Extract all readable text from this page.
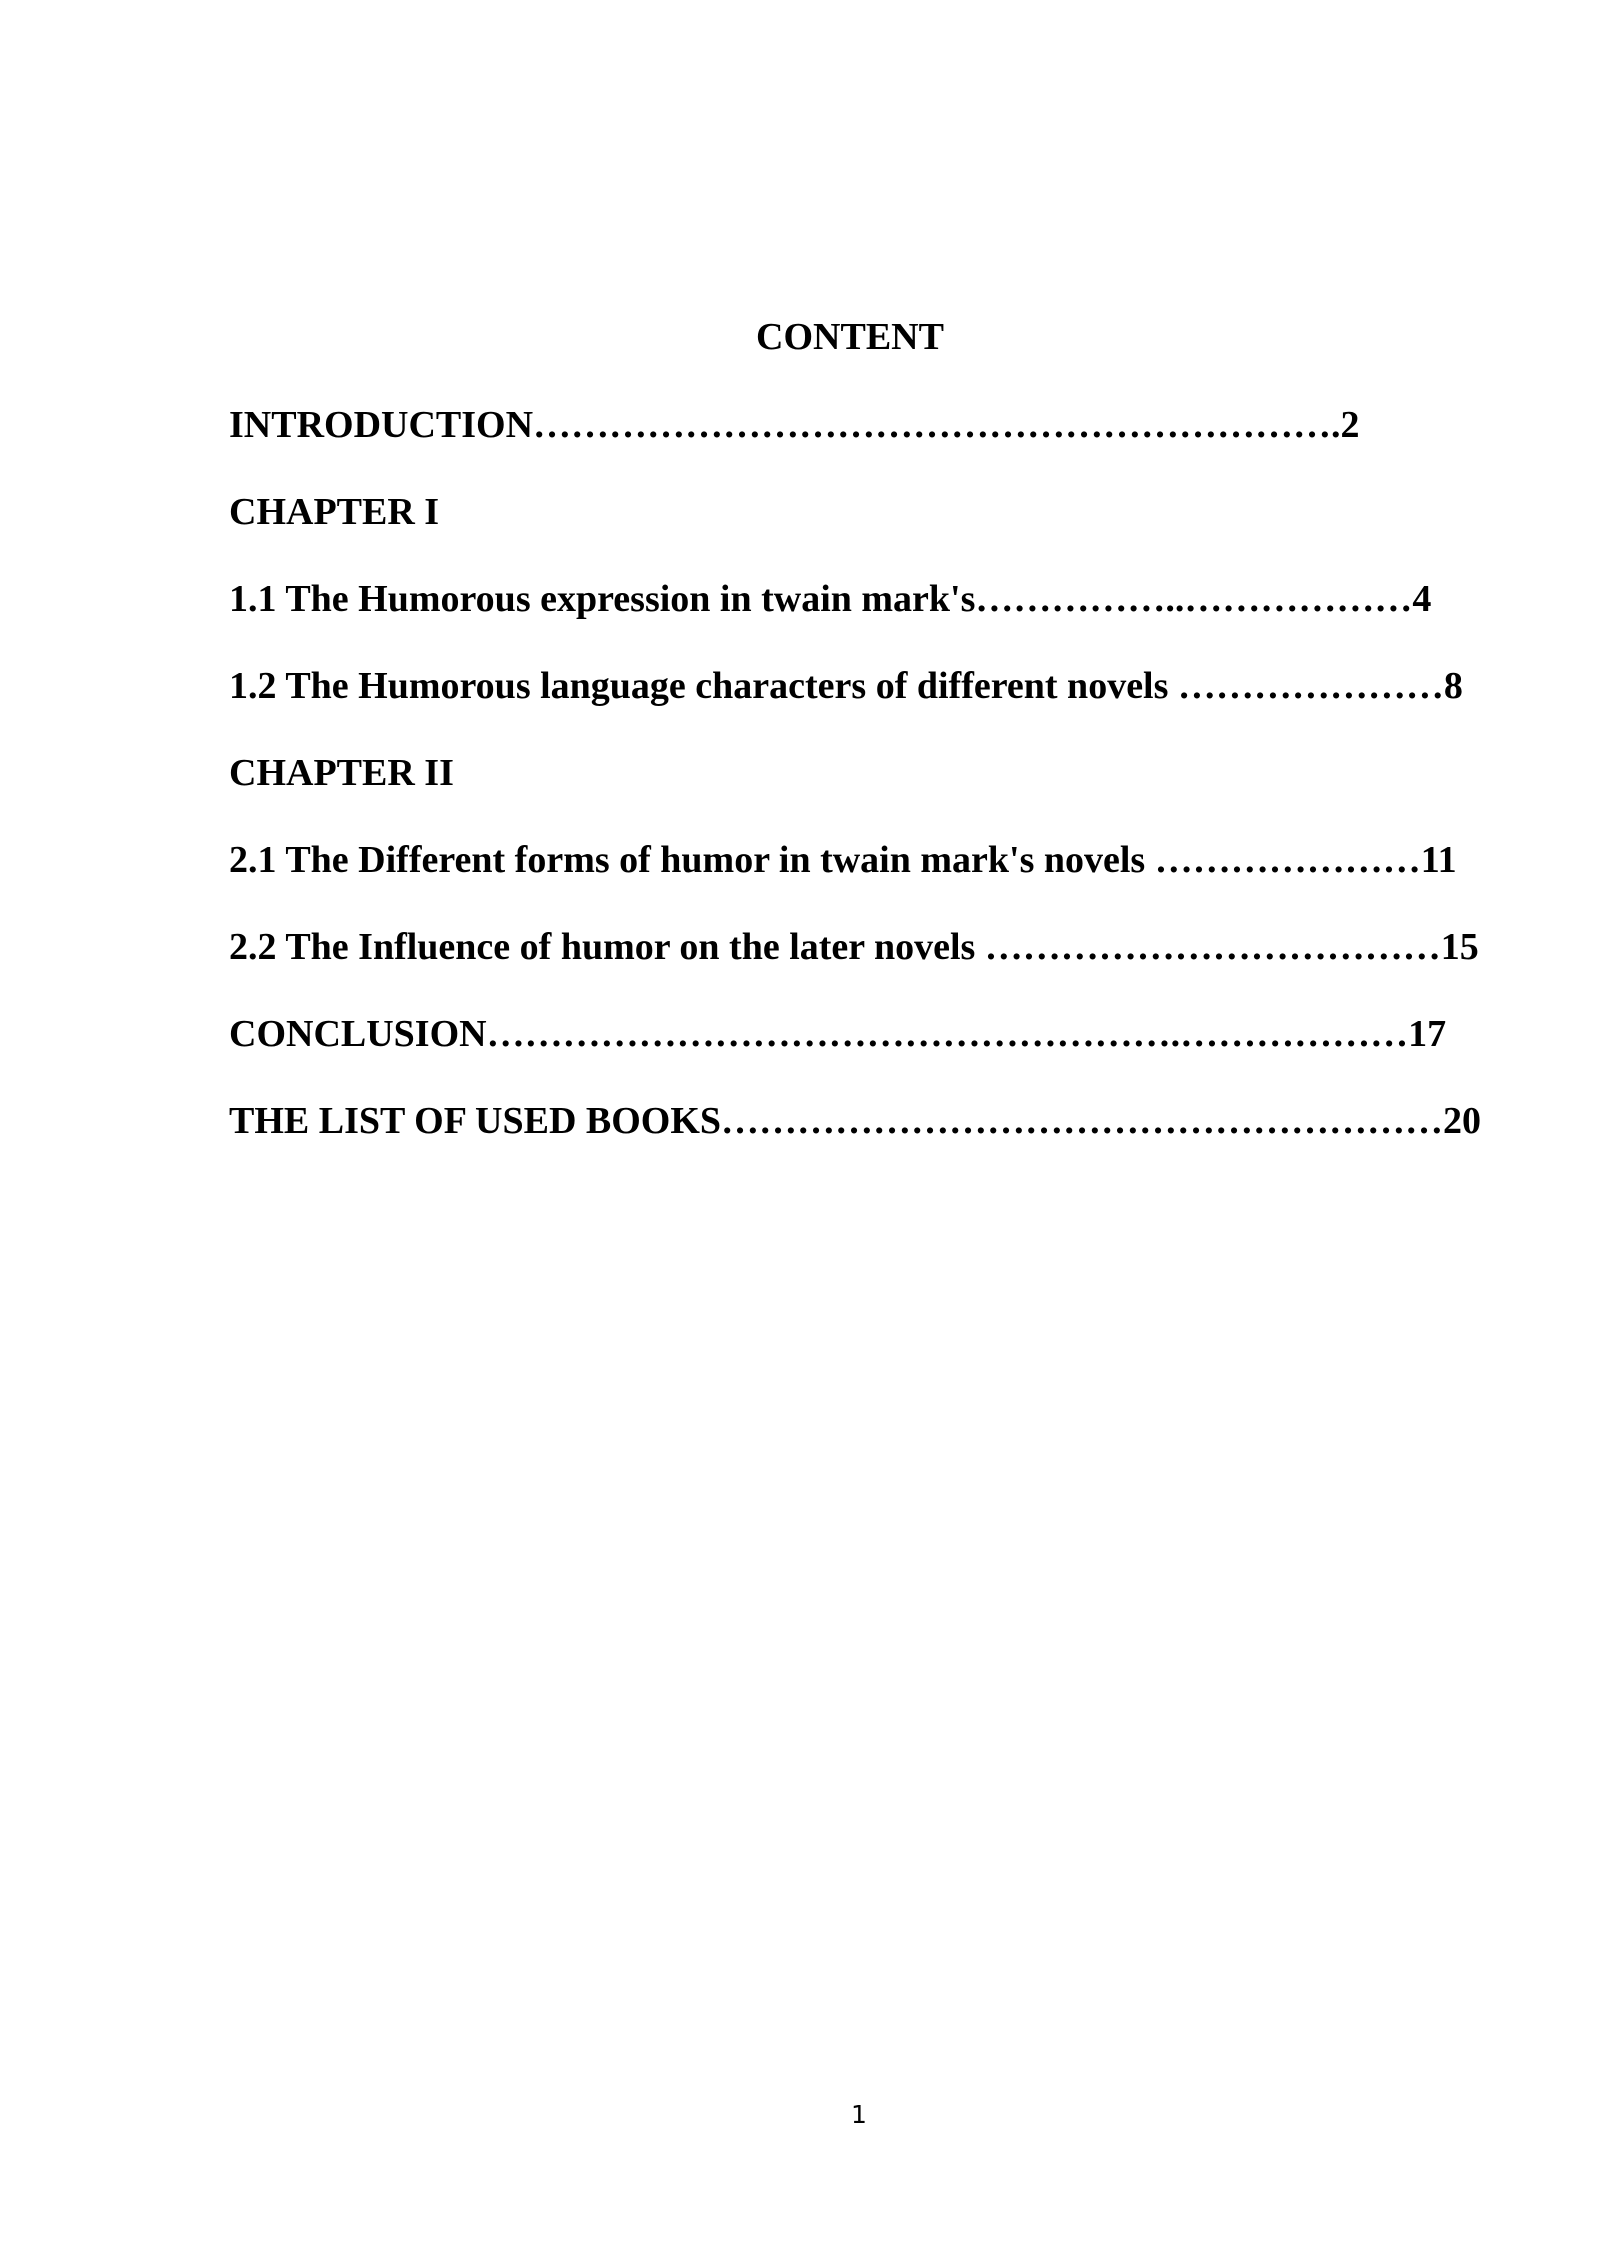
CONTENT
INTRODUCTION……………………………………………………….2
CHAPTER I
1.1 The Humorous expression in twain mark's……………..………………4
1.2 The Humorous language characters of different novels …………………8
CHAPTER II
2.1 The Different forms of humor in twain mark's novels …………………11
2.2 The Influence of humor on the later novels ………………………………15
CONCLUSION……………………………………………….………………17
THE LIST OF USED BOOKS…………………………………………………20
1
